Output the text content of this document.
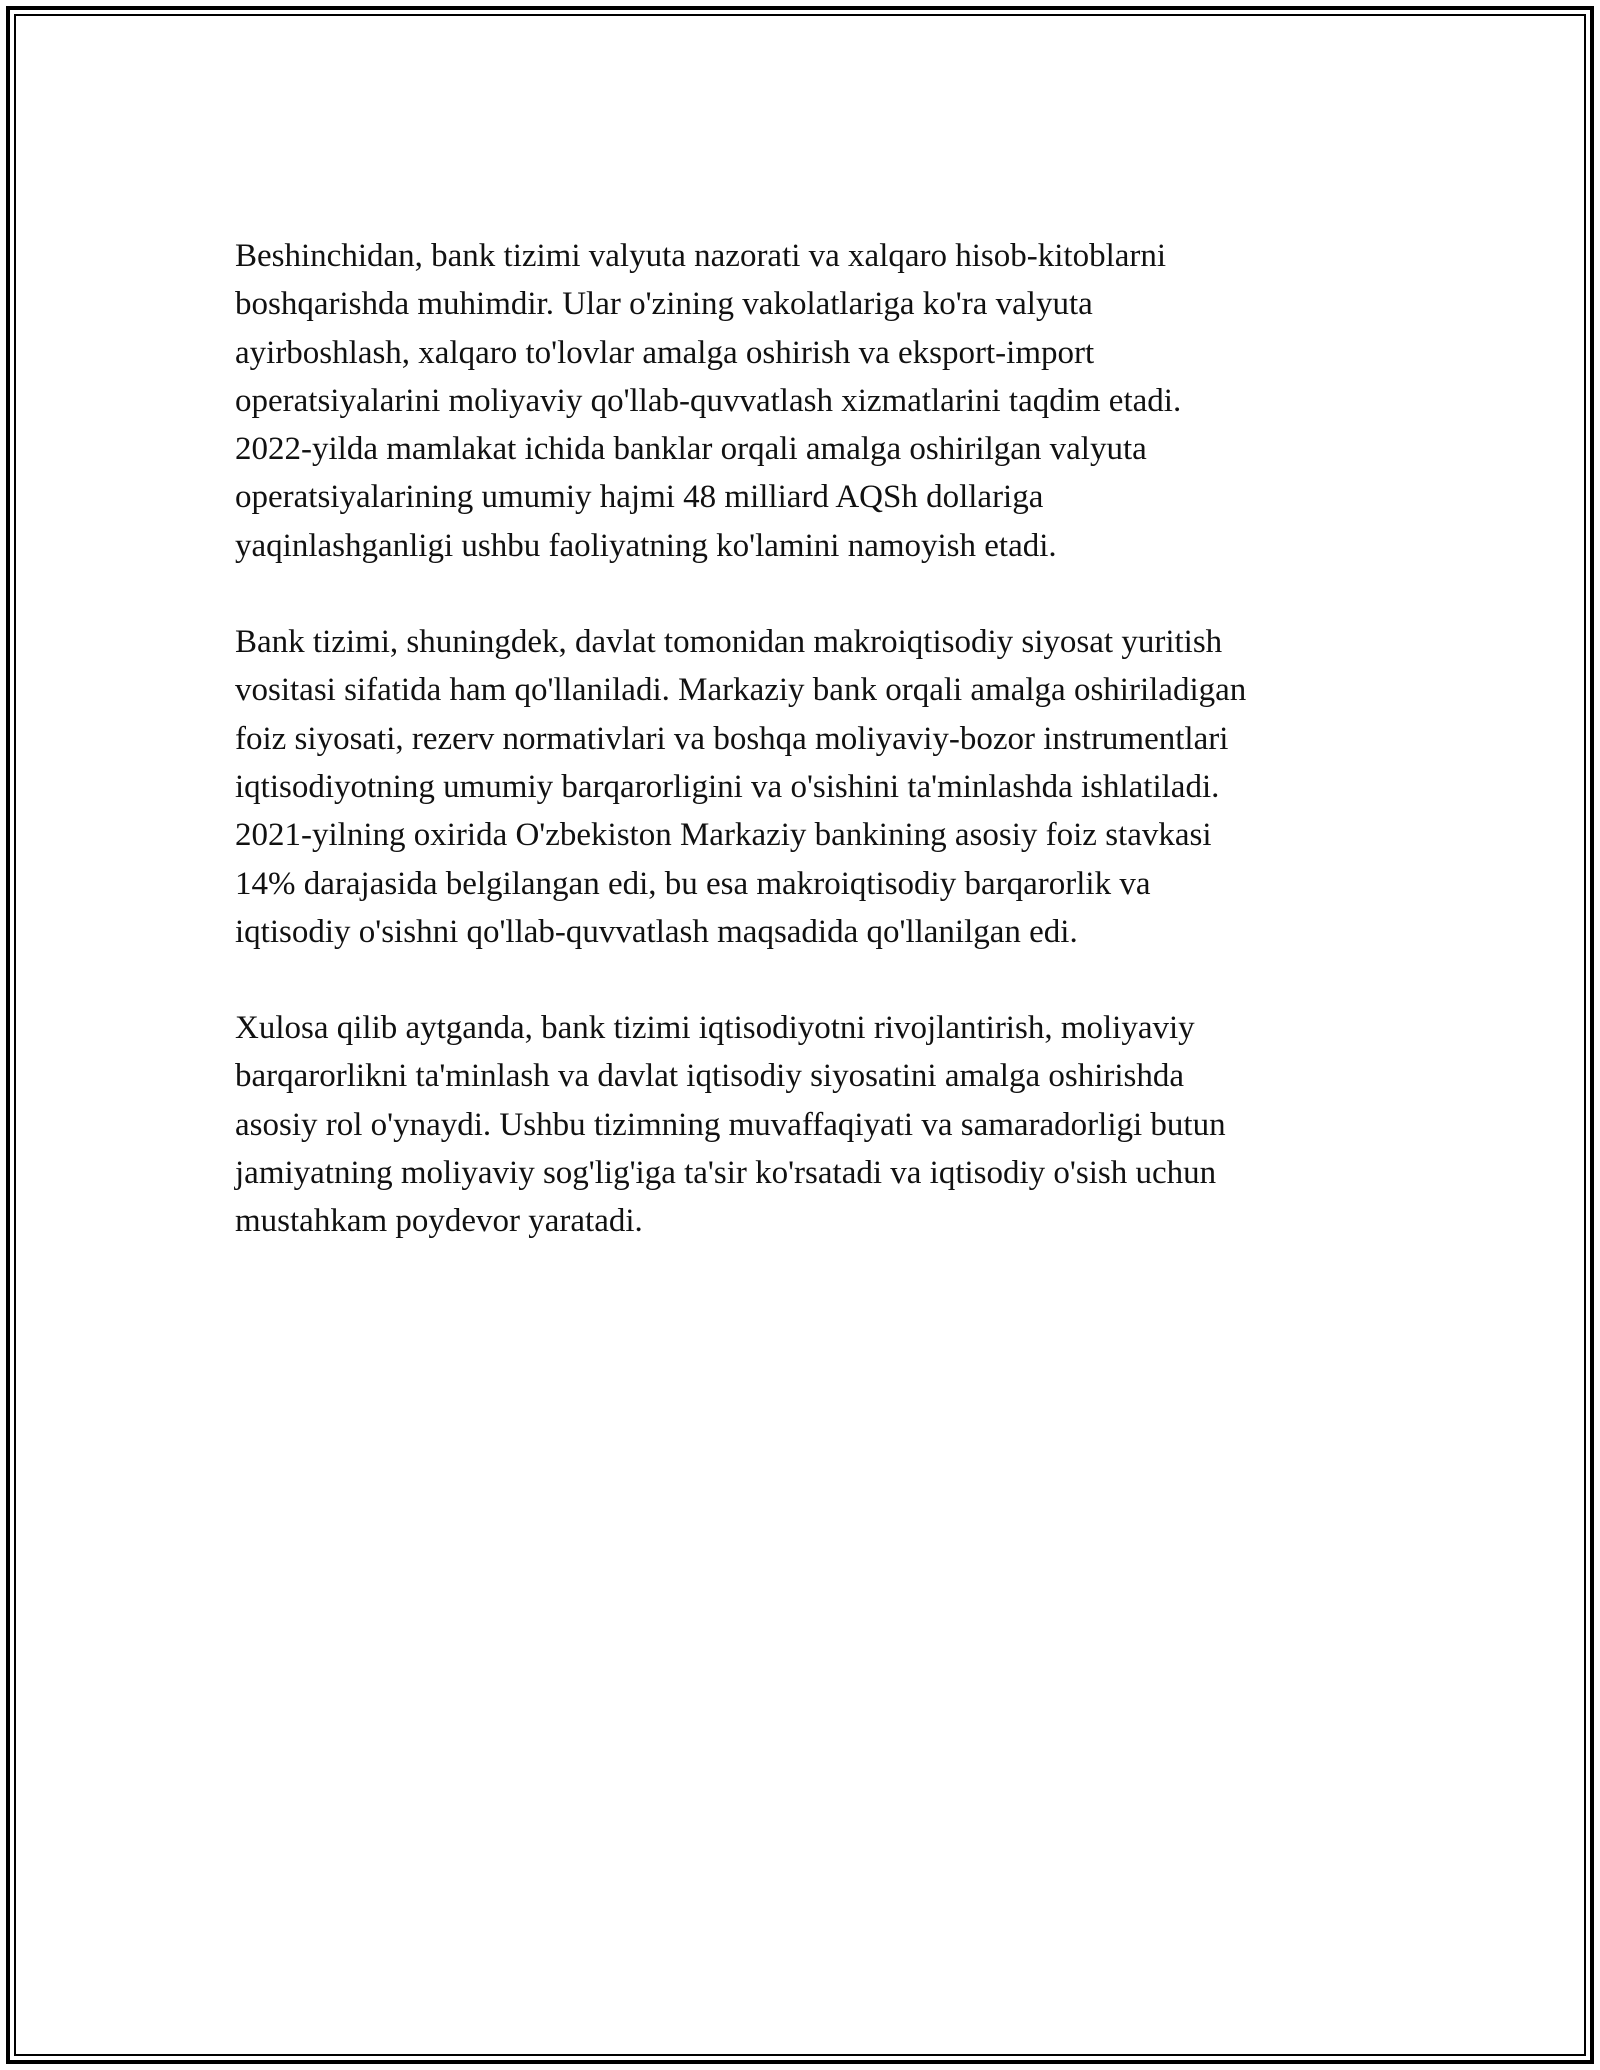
Beshinchidan, bank tizimi valyuta nazorati va xalqaro hisob-kitoblarni
boshqarishda muhimdir. Ular o'zining vakolatlariga ko'ra valyuta
ayirboshlash, xalqaro to'lovlar amalga oshirish va eksport-import
operatsiyalarini moliyaviy qo'llab-quvvatlash xizmatlarini taqdim etadi.
2022-yilda mamlakat ichida banklar orqali amalga oshirilgan valyuta
operatsiyalarining umumiy hajmi 48 milliard AQSh dollariga
yaqinlashganligi ushbu faoliyatning ko'lamini namoyish etadi.

Bank tizimi, shuningdek, davlat tomonidan makroiqtisodiy siyosat yuritish
vositasi sifatida ham qo'llaniladi. Markaziy bank orqali amalga oshiriladigan
foiz siyosati, rezerv normativlari va boshqa moliyaviy-bozor instrumentlari
iqtisodiyotning umumiy barqarorligini va o'sishini ta'minlashda ishlatiladi.
2021-yilning oxirida O'zbekiston Markaziy bankining asosiy foiz stavkasi
14% darajasida belgilangan edi, bu esa makroiqtisodiy barqarorlik va
iqtisodiy o'sishni qo'llab-quvvatlash maqsadida qo'llanilgan edi.

Xulosa qilib aytganda, bank tizimi iqtisodiyotni rivojlantirish, moliyaviy
barqarorlikni ta'minlash va davlat iqtisodiy siyosatini amalga oshirishda
asosiy rol o'ynaydi. Ushbu tizimning muvaffaqiyati va samaradorligi butun
jamiyatning moliyaviy sog'lig'iga ta'sir ko'rsatadi va iqtisodiy o'sish uchun
mustahkam poydevor yaratadi.
